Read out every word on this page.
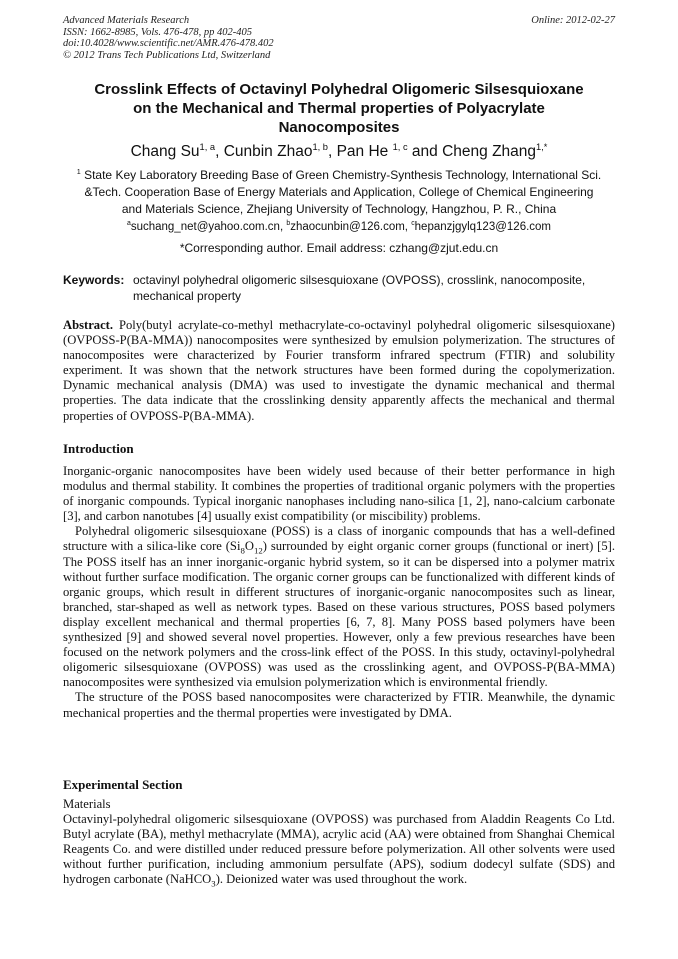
Advanced Materials Research
ISSN: 1662-8985, Vols. 476-478, pp 402-405
doi:10.4028/www.scientific.net/AMR.476-478.402
© 2012 Trans Tech Publications Ltd, Switzerland
Online: 2012-02-27
Crosslink Effects of Octavinyl Polyhedral Oligomeric Silsesquioxane
on the Mechanical and Thermal properties of Polyacrylate
Nanocomposites
Chang Su$^{1, a}$, Cunbin Zhao$^{1, b}$, Pan He $^{1, c}$ and Cheng Zhang$^{1,*}$
$^1$ State Key Laboratory Breeding Base of Green Chemistry-Synthesis Technology, International Sci.
&Tech. Cooperation Base of Energy Materials and Application, College of Chemical Engineering
and Materials Science, Zhejiang University of Technology, Hangzhou, P. R., China
$^a$suchang_net@yahoo.com.cn, $^b$zhaocunbin@126.com, $^c$hepanzjgylq123@126.com
*Corresponding author. Email address: czhang@zjut.edu.cn
Keywords: octavinyl polyhedral oligomeric silsesquioxane (OVPOSS), crosslink, nanocomposite, mechanical property
Abstract. Poly(butyl acrylate-co-methyl methacrylate-co-octavinyl polyhedral oligomeric silsesquioxane) (OVPOSS-P(BA-MMA)) nanocomposites were synthesized by emulsion polymerization. The structures of nanocomposites were characterized by Fourier transform infrared spectrum (FTIR) and solubility experiment. It was shown that the network structures have been formed during the copolymerization. Dynamic mechanical analysis (DMA) was used to investigate the dynamic mechanical and thermal properties. The data indicate that the crosslinking density apparently affects the mechanical and thermal properties of OVPOSS-P(BA-MMA).
Introduction

Inorganic-organic nanocomposites have been widely used because of their better performance in high modulus and thermal stability. It combines the properties of traditional organic polymers with the properties of inorganic compounds. Typical inorganic nanophases including nano-silica [1, 2], nano-calcium carbonate [3], and carbon nanotubes [4] usually exist compatibility (or miscibility) problems.

Polyhedral oligomeric silsesquioxane (POSS) is a class of inorganic compounds that has a well-defined structure with a silica-like core $(Si_8O_{12})$ surrounded by eight organic corner groups (functional or inert) [5]. The POSS itself has an inner inorganic-organic hybrid system, so it can be dispersed into a polymer matrix without further surface modification. The organic corner groups can be functionalized with different kinds of organic groups, which result in different structures of inorganic-organic nanocomposites such as linear, branched, star-shaped as well as network types. Based on these various structures, POSS based polymers display excellent mechanical and thermal properties [6, 7, 8]. Many POSS based polymers have been synthesized [9] and showed several novel properties. However, only a few previous researches have been focused on the network polymers and the cross-link effect of the POSS. In this study, octavinyl-polyhedral oligomeric silsesquioxane (OVPOSS) was used as the crosslinking agent, and OVPOSS-P(BA-MMA) nanocomposites were synthesized via emulsion polymerization which is environmental friendly.

The structure of the POSS based nanocomposites were characterized by FTIR. Meanwhile, the dynamic mechanical properties and the thermal properties were investigated by DMA.

Experimental Section

Materials

Octavinyl-polyhedral oligomeric silsesquioxane (OVPOSS) was purchased from Aladdin Reagents Co Ltd. Butyl acrylate (BA), methyl methacrylate (MMA), acrylic acid (AA) were obtained from Shanghai Chemical Reagents Co. and were distilled under reduced pressure before polymerization. All other solvents were used without further purification, including ammonium persulfate (APS), sodium dodecyl sulfate (SDS) and hydrogen carbonate (NaHCO$_3$). Deionized water was used throughout the work.
